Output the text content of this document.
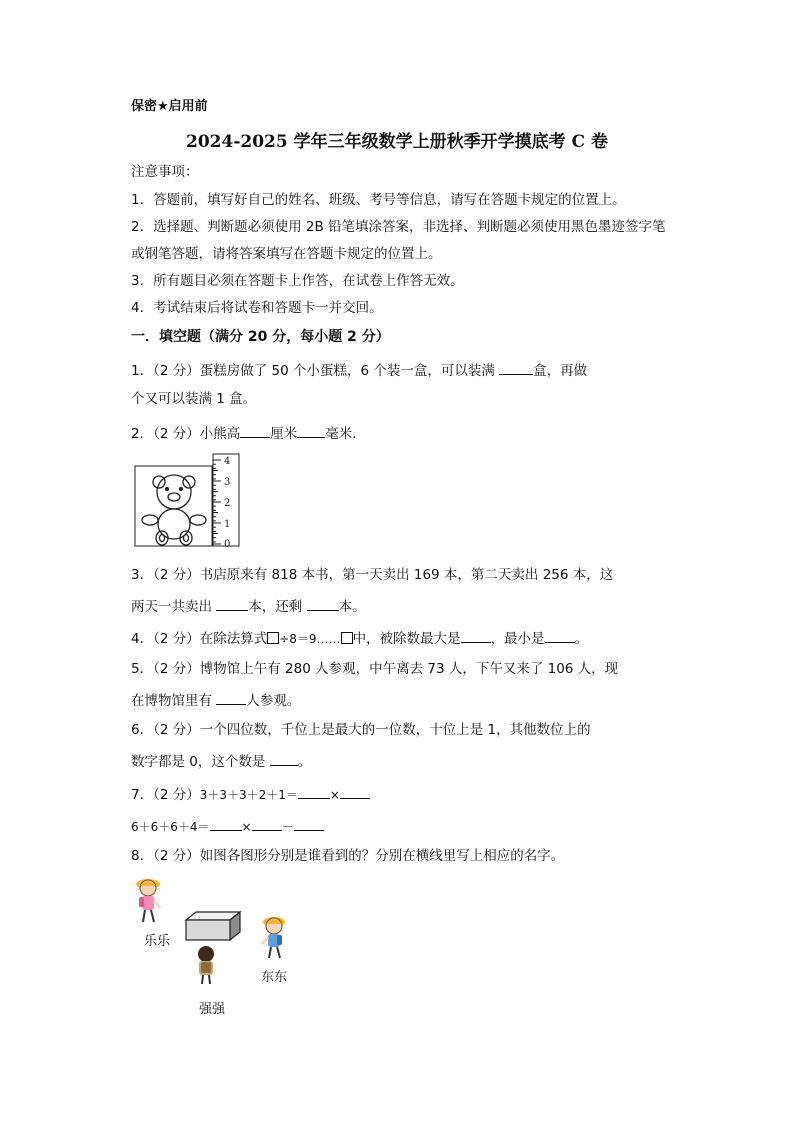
保密★启用前
2024-2025 学年三年级数学上册秋季开学摸底考 C 卷
注意事项：
1．答题前，填写好自己的姓名、班级、考号等信息，请写在答题卡规定的位置上。
2．选择题、判断题必须使用 2B 铅笔填涂答案，非选择、判断题必须使用黑色墨迹签字笔
或钢笔答题，请将答案填写在答题卡规定的位置上。
3．所有题目必须在答题卡上作答，在试卷上作答无效。
4．考试结束后将试卷和答题卡一并交回。
一．填空题（满分 20 分，每小题 2 分）
1．（2 分）蛋糕房做了 50 个小蛋糕，6 个装一盒，可以装满	盒，再做
个又可以装满 1 盒。
2．（2 分）小熊高 厘米 毫米.
4
3
2
1
0
3．（2 分）书店原来有 818 本书，第一天卖出 169 本，第二天卖出 256 本，这
两天一共卖出 本，还剩 本。
4．（2 分）在除法算式 ÷8＝9…… 中，被除数最大是 ，最小是 。
5．（2 分）博物馆上午有 280 人参观，中午离去 73 人，下午又来了 106 人，现
在博物馆里有 人参观。
6．（2 分）一个四位数，千位上是最大的一位数，十位上是 1，其他数位上的
数字都是 0，这个数是 。
7．（2 分）3＋3＋3＋2＋1＝	×
6＋6＋6＋4＝	×	－
8．（2 分）如图各图形分别是谁看到的？分别在横线里写上相应的名字。
乐乐
东东
强强
